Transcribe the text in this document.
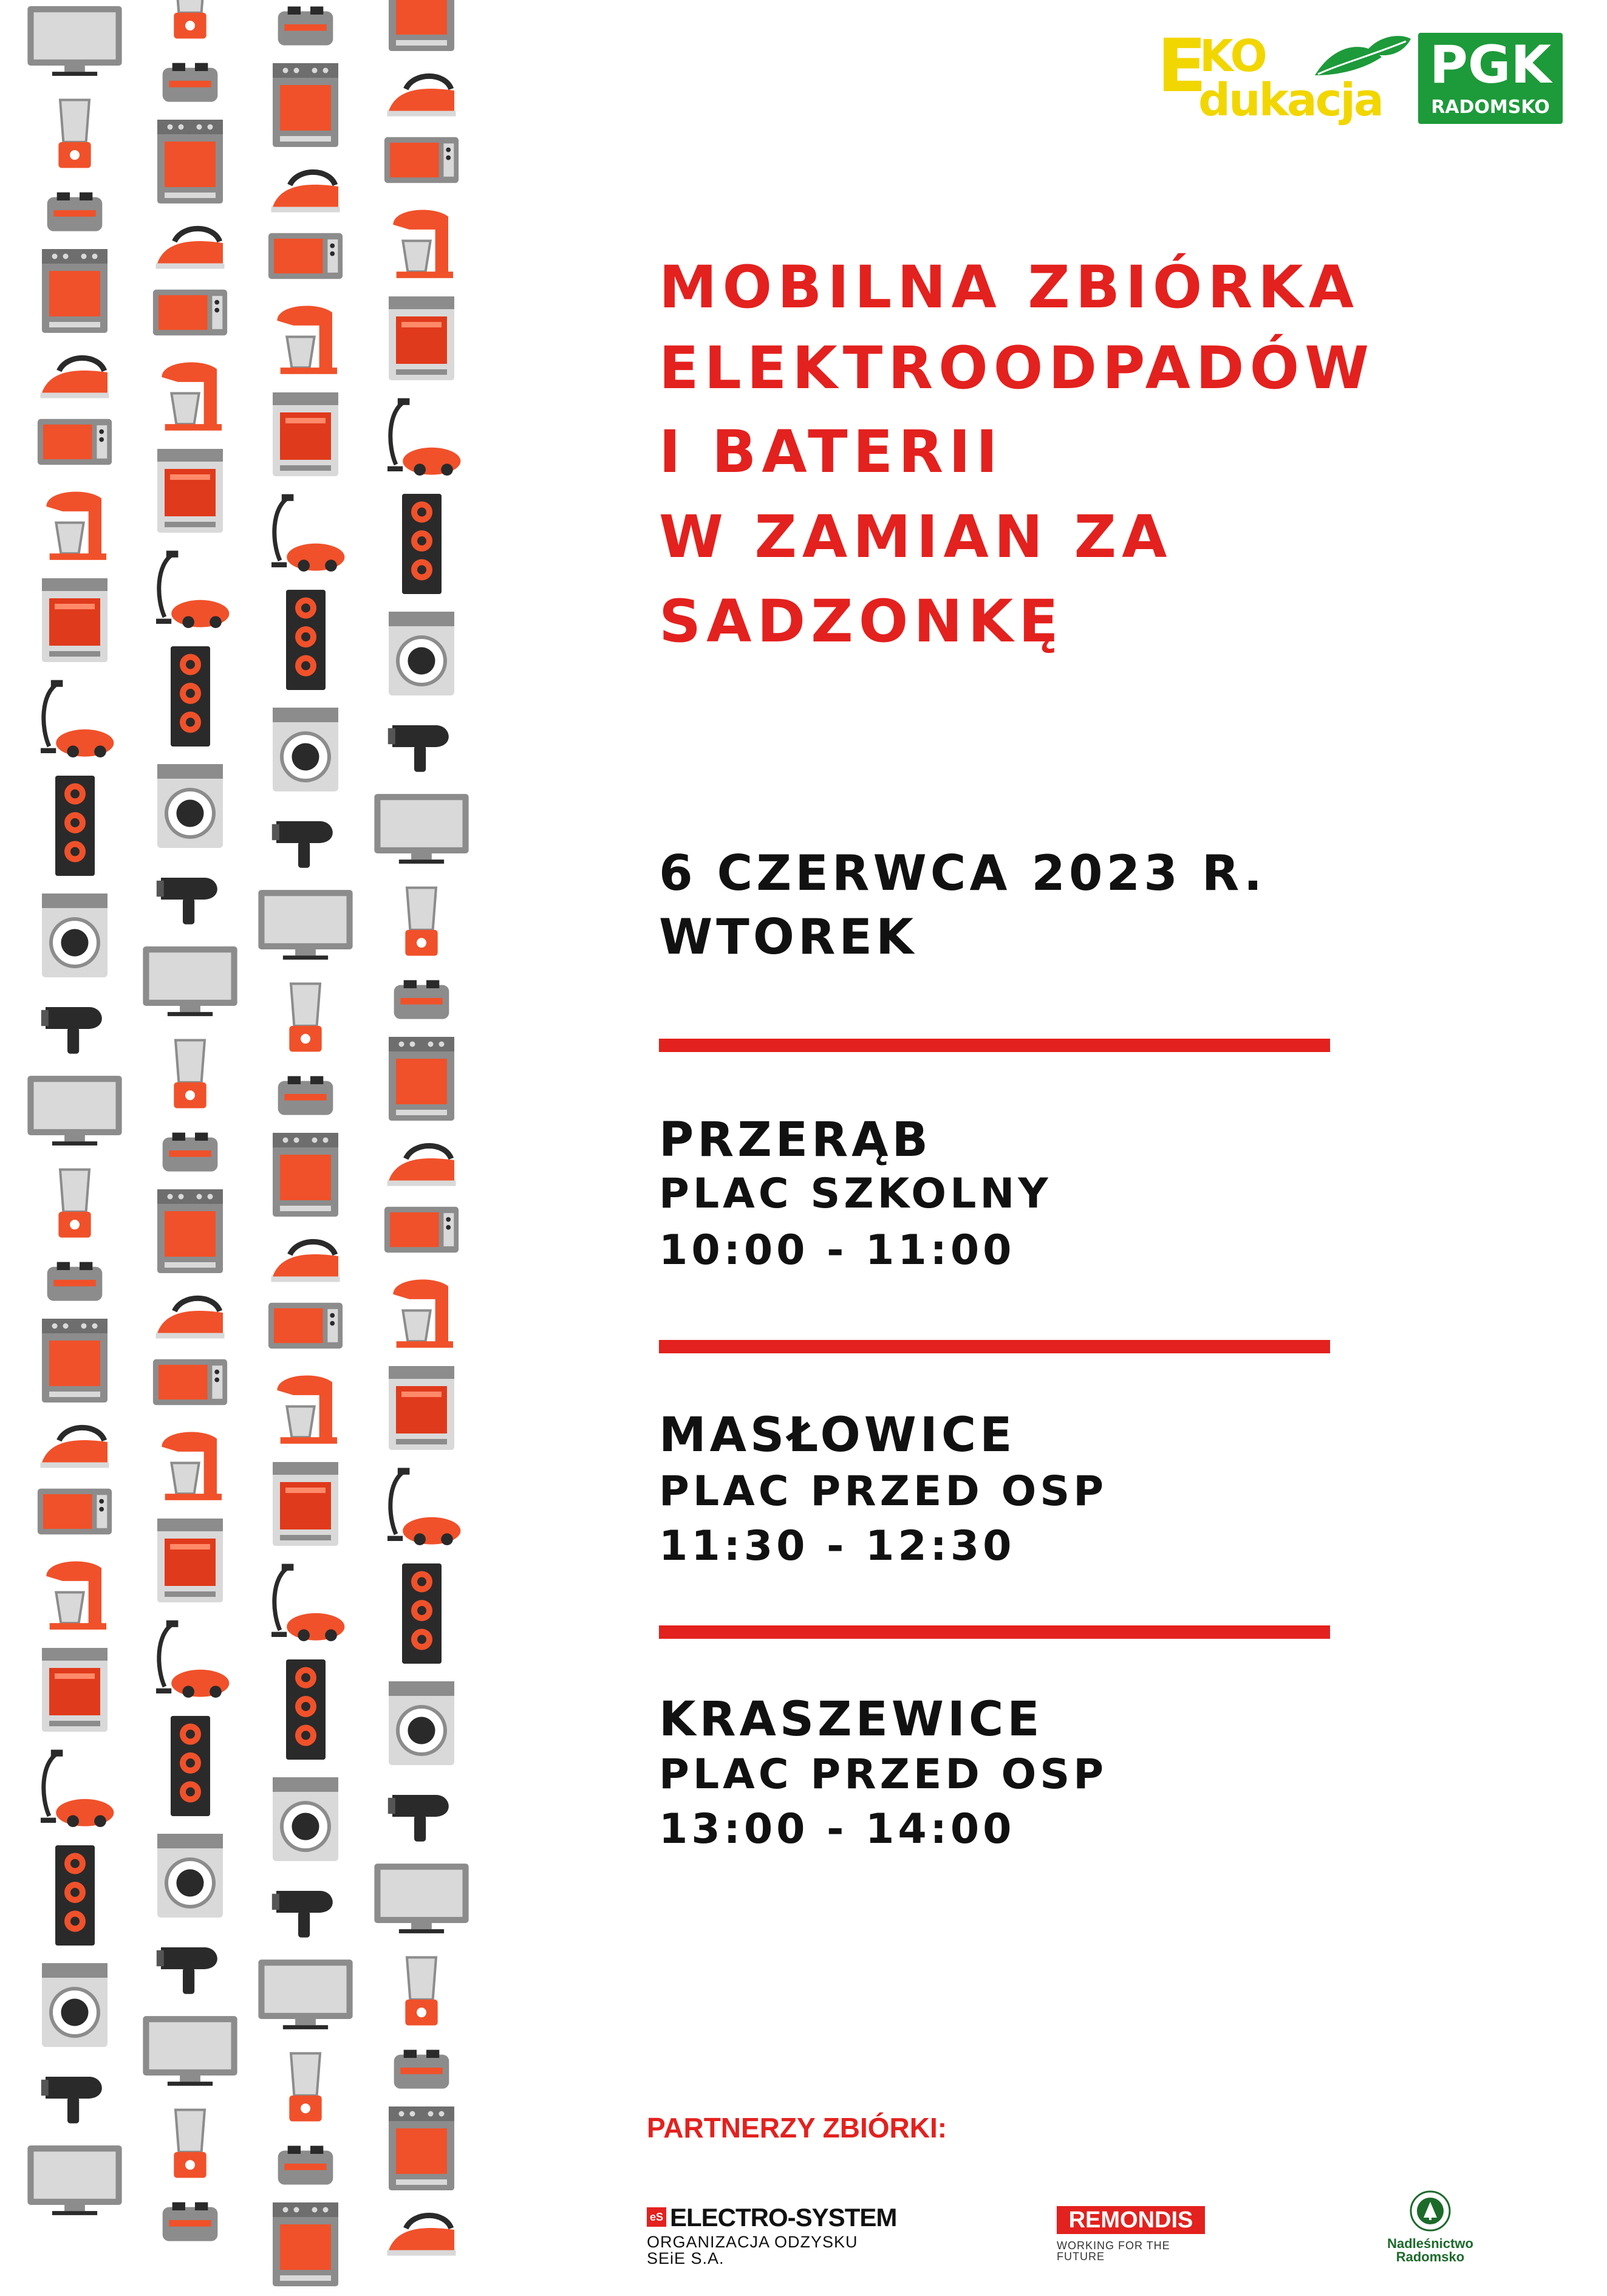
E
KO
dukacja
PGK
RADOMSKO
MOBILNA ZBIÓRKA
ELEKTROODPADÓW
I BATERII
W ZAMIAN ZA
SADZONKĘ
6 CZERWCA 2023 R.
WTOREK
PRZERĄB
PLAC SZKOLNY
10:00 - 11:00
MASŁOWICE
PLAC PRZED OSP
11:30 - 12:30
KRASZEWICE
PLAC PRZED OSP
13:00 - 14:00
PARTNERZY ZBIÓRKI:
eS ELECTRO-SYSTEM
ORGANIZACJA ODZYSKU SEiE S.A.
REMONDIS
WORKING FOR THE FUTURE
Nadleśnictwo Radomsko
